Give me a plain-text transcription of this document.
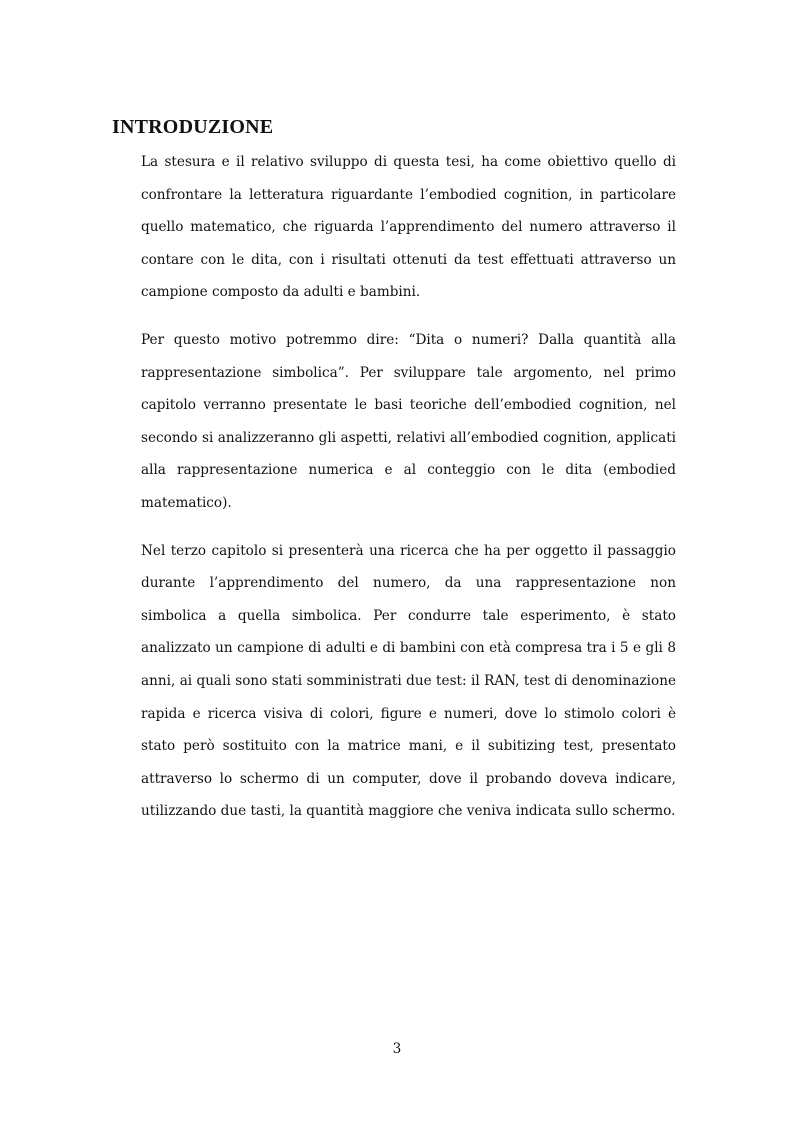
INTRODUZIONE

La stesura e il relativo sviluppo di questa tesi, ha come obiettivo quello di confrontare la letteratura riguardante l’embodied cognition, in particolare quello matematico, che riguarda l’apprendimento del numero attraverso il contare con le dita, con i risultati ottenuti da test effettuati attraverso un campione composto da adulti e bambini.

Per questo motivo potremmo dire: “Dita o numeri? Dalla quantità alla rappresentazione simbolica”. Per sviluppare tale argomento, nel primo capitolo verranno presentate le basi teoriche dell’embodied cognition, nel secondo si analizzeranno gli aspetti, relativi all’embodied cognition, applicati alla rappresentazione numerica e al conteggio con le dita (embodied matematico).

Nel terzo capitolo si presenterà una ricerca che ha per oggetto il passaggio durante l’apprendimento del numero, da una rappresentazione non simbolica a quella simbolica. Per condurre tale esperimento, è stato analizzato un campione di adulti e di bambini con età compresa tra i 5 e gli 8 anni, ai quali sono stati somministrati due test: il RAN, test di denominazione rapida e ricerca visiva di colori, figure e numeri, dove lo stimolo colori è stato però sostituito con la matrice mani, e il subitizing test, presentato attraverso lo schermo di un computer, dove il probando doveva indicare, utilizzando due tasti, la quantità maggiore che veniva indicata sullo schermo.

3
